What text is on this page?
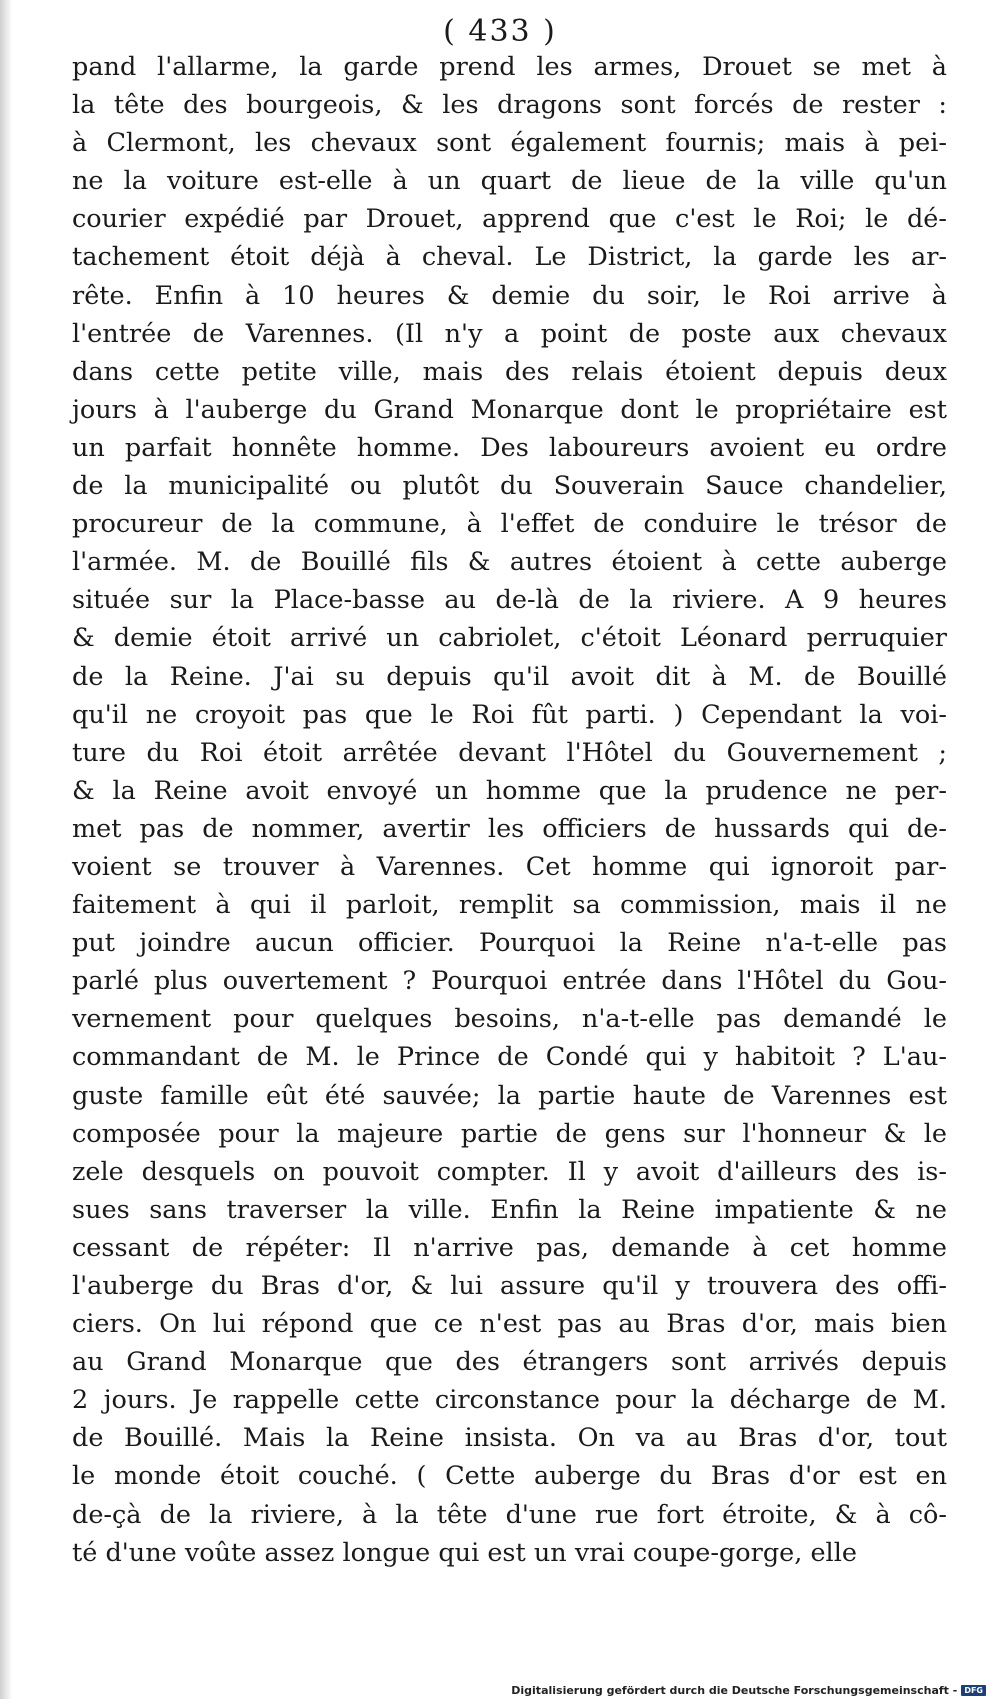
( 433 )
pand l'allarme, la garde prend les armes, Drouet se met à
la tête des bourgeois, & les dragons sont forcés de rester :
à Clermont, les chevaux sont également fournis; mais à pei-
ne la voiture est-elle à un quart de lieue de la ville qu'un
courier expédié par Drouet, apprend que c'est le Roi; le dé-
tachement étoit déjà à cheval. Le District, la garde les ar-
rête. Enfin à 10 heures & demie du soir, le Roi arrive à
l'entrée de Varennes. (Il n'y a point de poste aux chevaux
dans cette petite ville, mais des relais étoient depuis deux
jours à l'auberge du Grand Monarque dont le propriétaire est
un parfait honnête homme. Des laboureurs avoient eu ordre
de la municipalité ou plutôt du Souverain Sauce chandelier,
procureur de la commune, à l'effet de conduire le trésor de
l'armée. M. de Bouillé fils & autres étoient à cette auberge
située sur la Place-basse au de-là de la riviere. A 9 heures
& demie étoit arrivé un cabriolet, c'étoit Léonard perruquier
de la Reine. J'ai su depuis qu'il avoit dit à M. de Bouillé
qu'il ne croyoit pas que le Roi fût parti. ) Cependant la voi-
ture du Roi étoit arrêtée devant l'Hôtel du Gouvernement ;
& la Reine avoit envoyé un homme que la prudence ne per-
met pas de nommer, avertir les officiers de hussards qui de-
voient se trouver à Varennes. Cet homme qui ignoroit par-
faitement à qui il parloit, remplit sa commission, mais il ne
put joindre aucun officier. Pourquoi la Reine n'a-t-elle pas
parlé plus ouvertement ? Pourquoi entrée dans l'Hôtel du Gou-
vernement pour quelques besoins, n'a-t-elle pas demandé le
commandant de M. le Prince de Condé qui y habitoit ? L'au-
guste famille eût été sauvée; la partie haute de Varennes est
composée pour la majeure partie de gens sur l'honneur & le
zele desquels on pouvoit compter. Il y avoit d'ailleurs des is-
sues sans traverser la ville. Enfin la Reine impatiente & ne
cessant de répéter: Il n'arrive pas, demande à cet homme
l'auberge du Bras d'or, & lui assure qu'il y trouvera des offi-
ciers. On lui répond que ce n'est pas au Bras d'or, mais bien
au Grand Monarque que des étrangers sont arrivés depuis
2 jours. Je rappelle cette circonstance pour la décharge de M.
de Bouillé. Mais la Reine insista. On va au Bras d'or, tout
le monde étoit couché. ( Cette auberge du Bras d'or est en
de-çà de la riviere, à la tête d'une rue fort étroite, & à cô-
té d'une voûte assez longue qui est un vrai coupe-gorge, elle
Digitalisierung gefördert durch die Deutsche Forschungsgemeinschaft - DFG
